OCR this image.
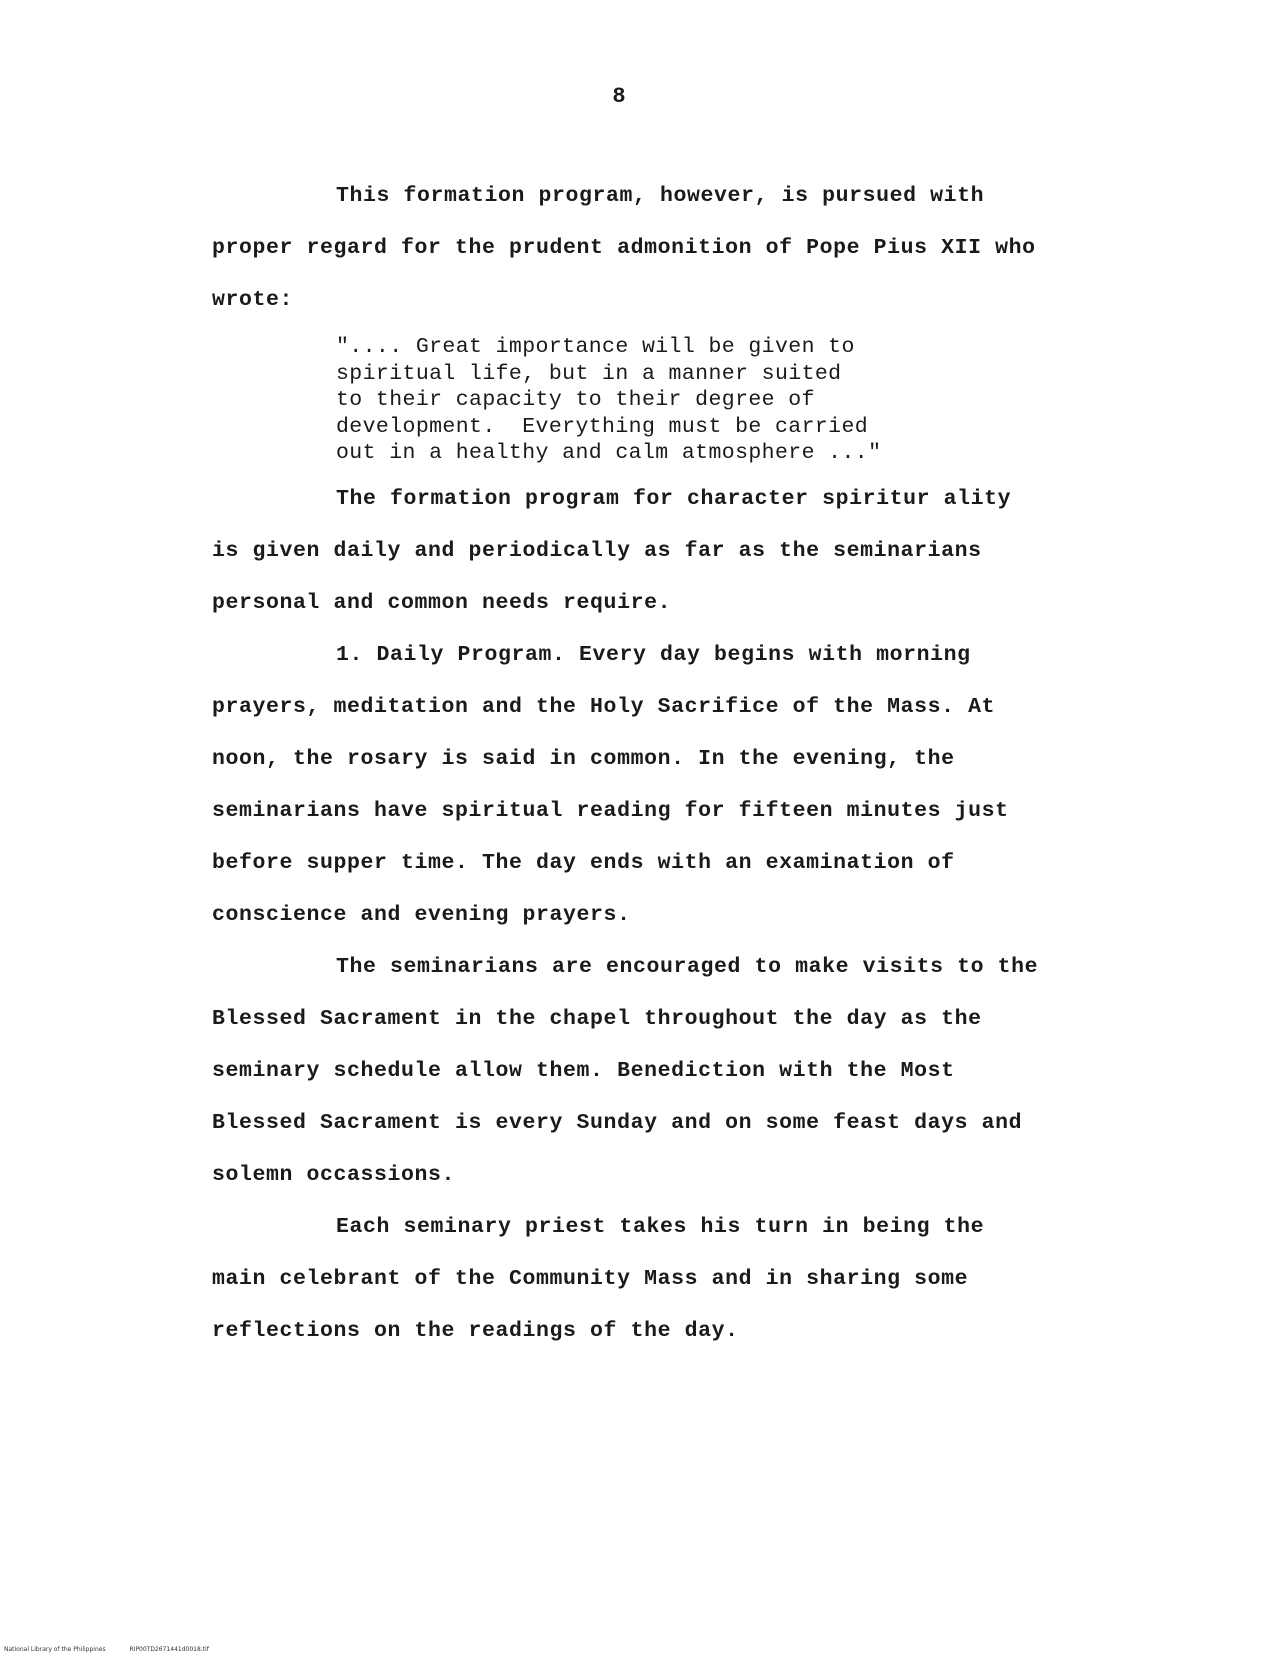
8

This formation program, however, is pursued with proper regard for the prudent admonition of Pope Pius XII who wrote:

".... Great importance will be given to
spiritual life, but in a manner suited
to their capacity to their degree of
development.  Everything must be carried
out in a healthy and calm atmosphere ..."

The formation program for character spiritur ality is given daily and periodically as far as the seminarians personal and common needs require.

1. Daily Program. Every day begins with morning prayers, meditation and the Holy Sacrifice of the Mass. At noon, the rosary is said in common. In the evening, the seminarians have spiritual reading for fifteen minutes just before supper time. The day ends with an examination of conscience and evening prayers.

The seminarians are encouraged to make visits to the Blessed Sacrament in the chapel throughout the day as the seminary schedule allow them. Benediction with the Most Blessed Sacrament is every Sunday and on some feast days and solemn occassions.

Each seminary priest takes his turn in being the main celebrant of the Community Mass and in sharing some reflections on the readings of the day.

National Library of the Philippines	RIP00TD2671441d0018.tif
